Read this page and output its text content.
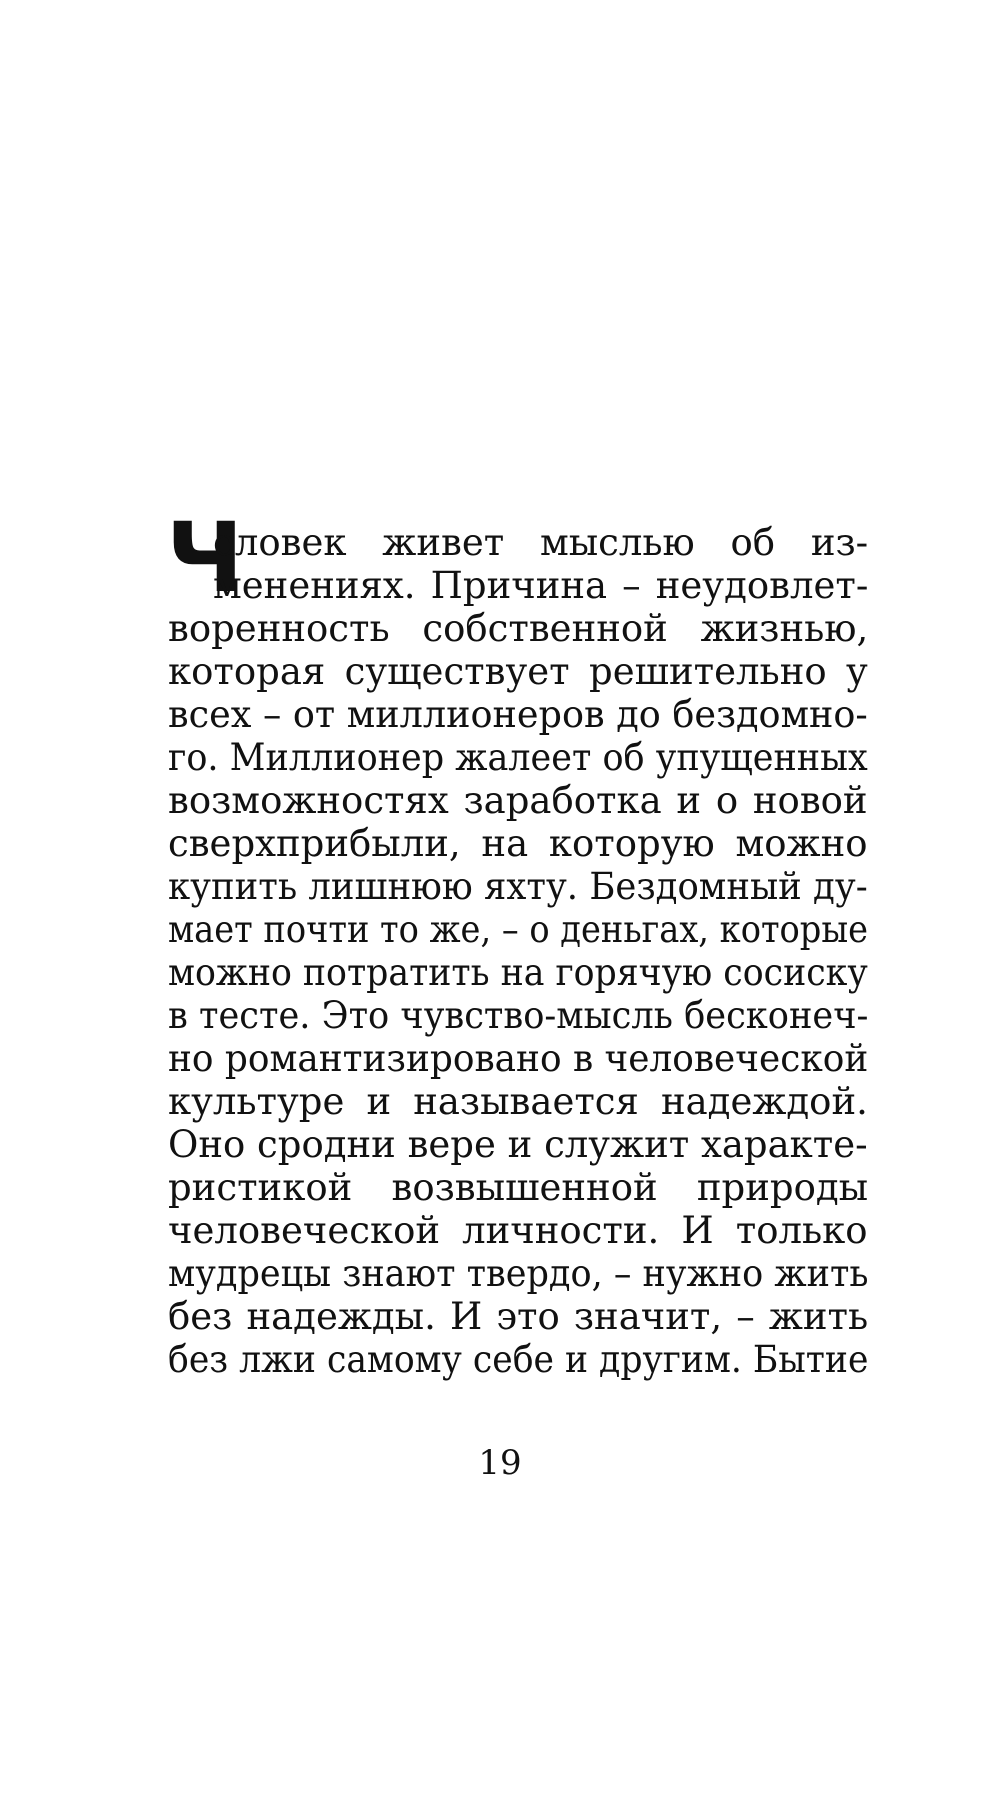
Ч
еловек живет мыслью об из-
менениях. Причина – неудовлет-
воренность собственной жизнью,
которая существует решительно у
всех – от миллионеров до бездомно-
го. Миллионер жалеет об упущенных
возможностях заработка и о новой
сверхприбыли, на которую можно
купить лишнюю яхту. Бездомный ду-
мает почти то же, – о деньгах, которые
можно потратить на горячую сосиску
в тесте. Это чувство-мысль бесконеч-
но романтизировано в человеческой
культуре и называется надеждой.
Оно сродни вере и служит характе-
ристикой возвышенной природы
человеческой личности. И только
мудрецы знают твердо, – нужно жить
без надежды. И это значит, – жить
без лжи самому себе и другим. Бытие
19
